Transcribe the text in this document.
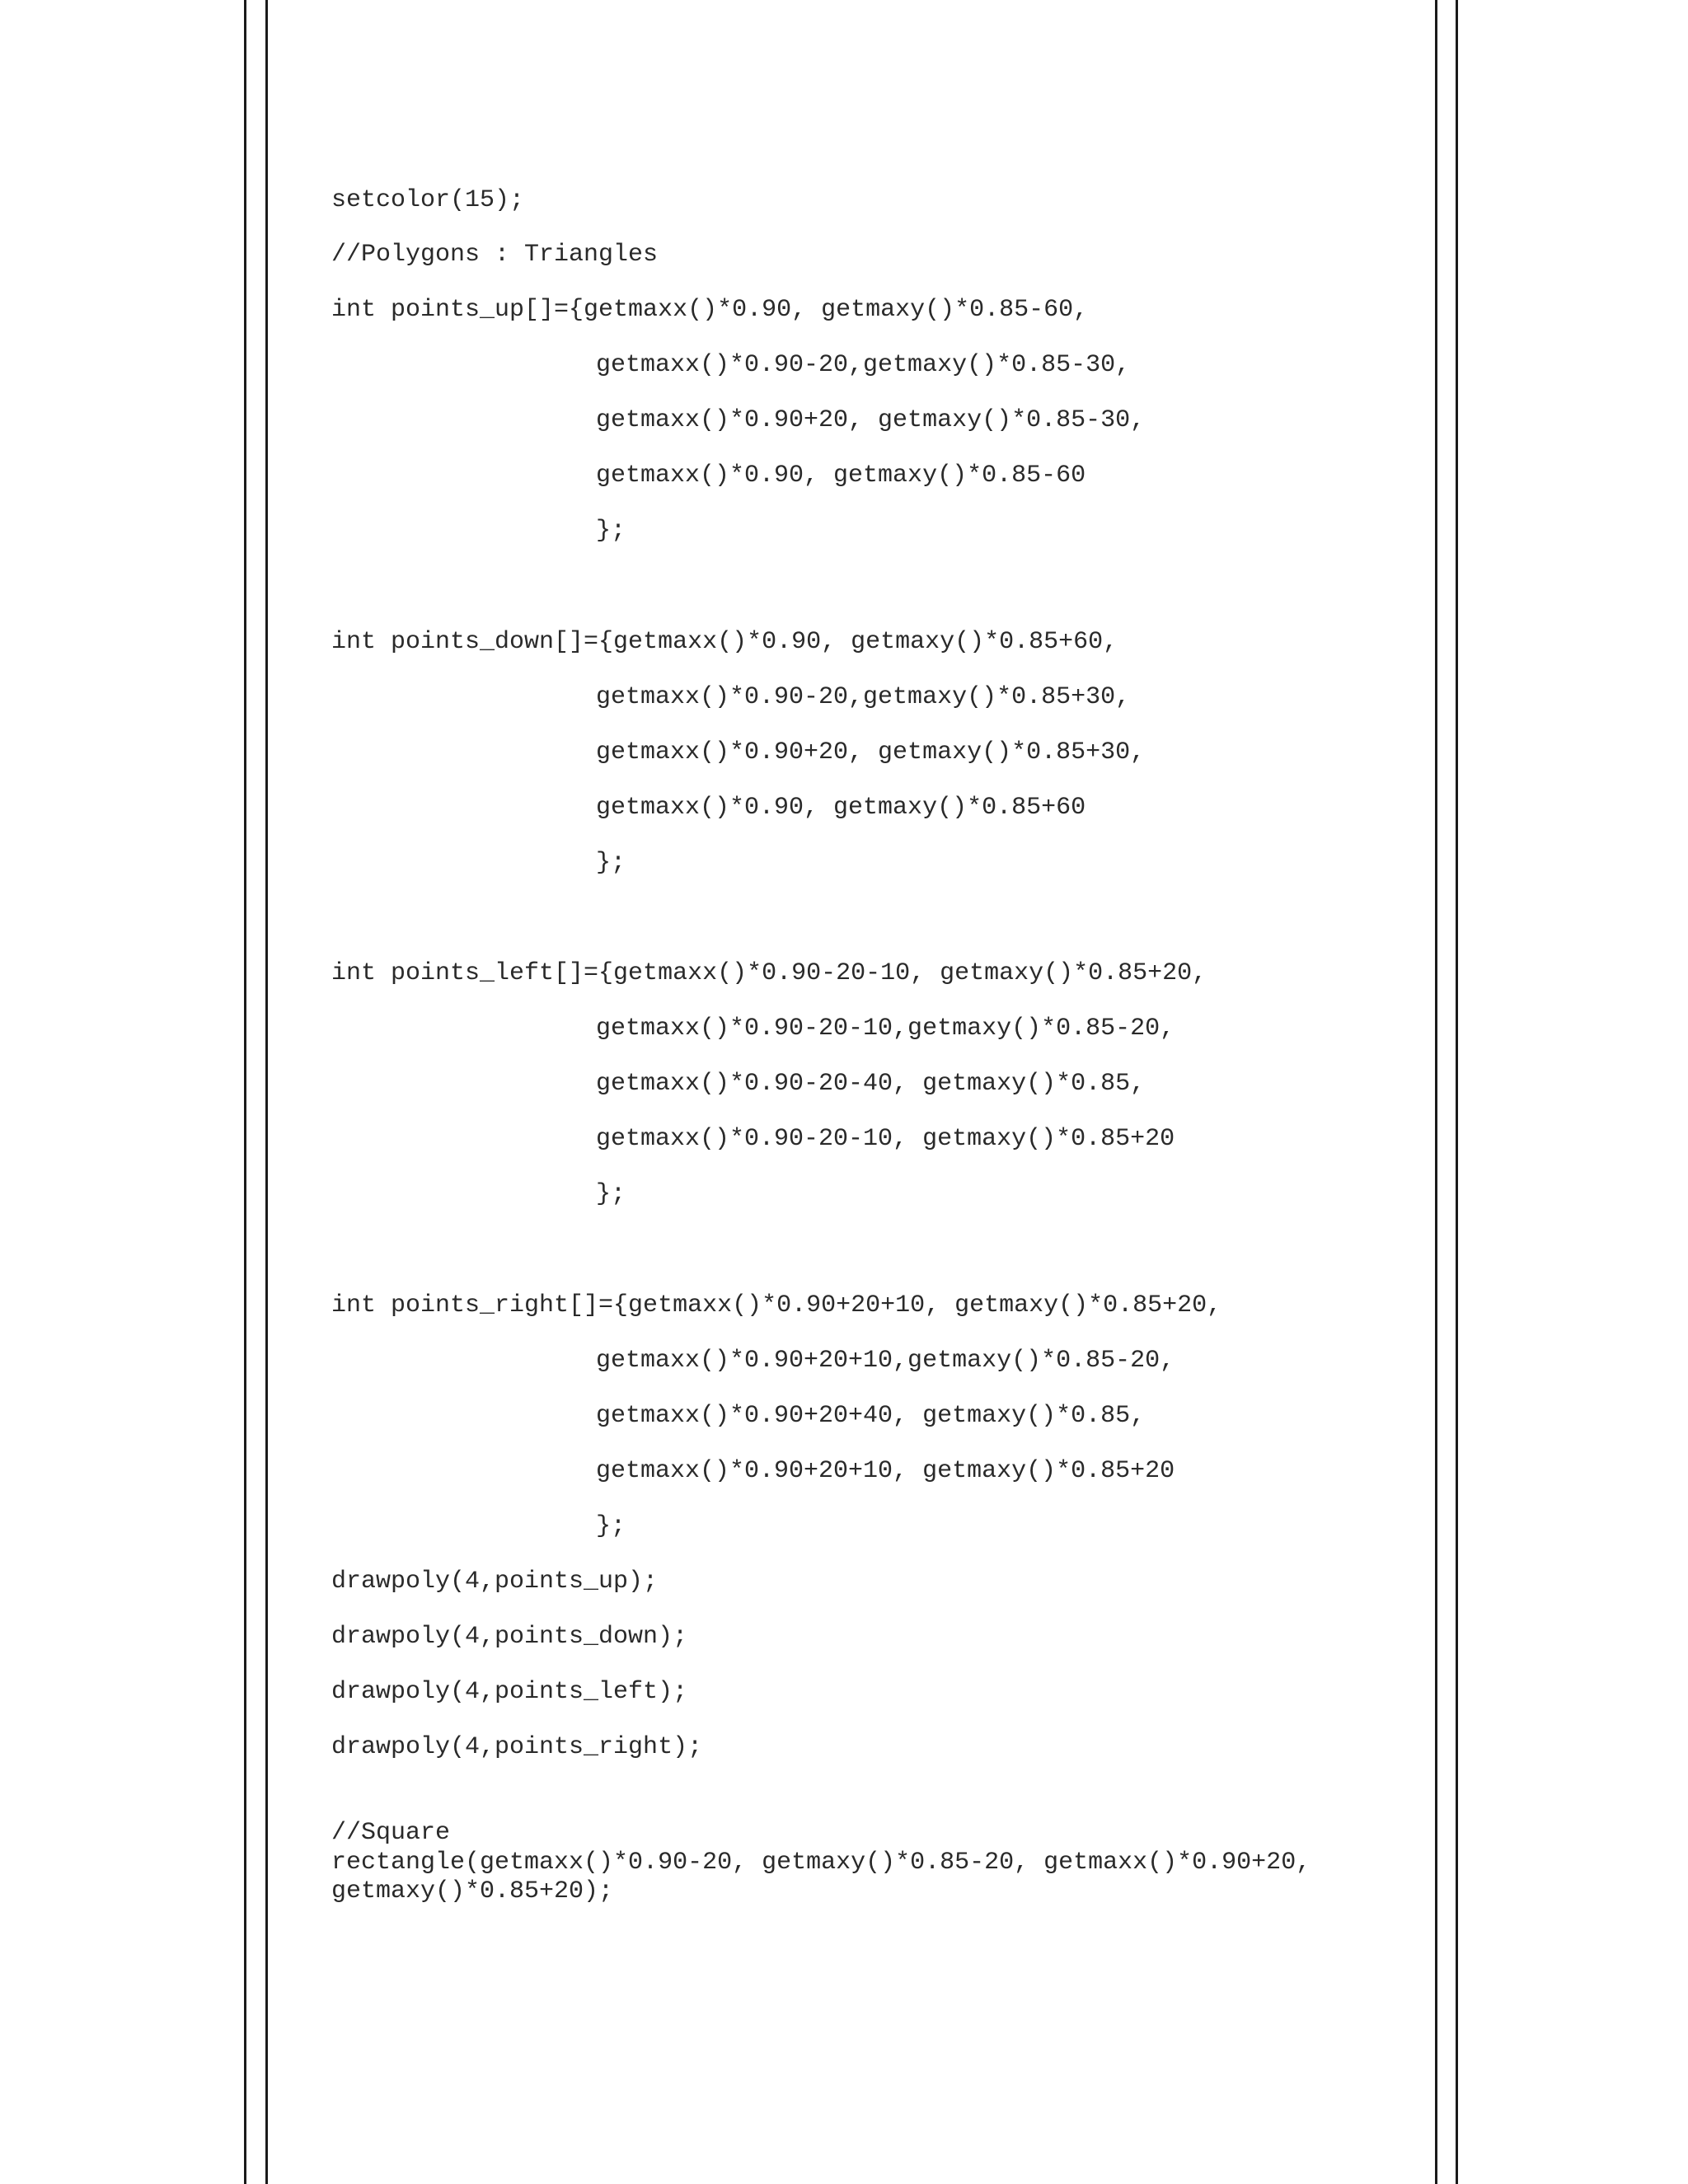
setcolor(15);
//Polygons : Triangles
int points_up[]={getmaxx()*0.90, getmaxy()*0.85-60,
getmaxx()*0.90-20,getmaxy()*0.85-30,
getmaxx()*0.90+20, getmaxy()*0.85-30,
getmaxx()*0.90, getmaxy()*0.85-60
};
int points_down[]={getmaxx()*0.90, getmaxy()*0.85+60,
getmaxx()*0.90-20,getmaxy()*0.85+30,
getmaxx()*0.90+20, getmaxy()*0.85+30,
getmaxx()*0.90, getmaxy()*0.85+60
};
int points_left[]={getmaxx()*0.90-20-10, getmaxy()*0.85+20,
getmaxx()*0.90-20-10,getmaxy()*0.85-20,
getmaxx()*0.90-20-40, getmaxy()*0.85,
getmaxx()*0.90-20-10, getmaxy()*0.85+20
};
int points_right[]={getmaxx()*0.90+20+10, getmaxy()*0.85+20,
getmaxx()*0.90+20+10,getmaxy()*0.85-20,
getmaxx()*0.90+20+40, getmaxy()*0.85,
getmaxx()*0.90+20+10, getmaxy()*0.85+20
};
drawpoly(4,points_up);
drawpoly(4,points_down);
drawpoly(4,points_left);
drawpoly(4,points_right);
//Square
rectangle(getmaxx()*0.90-20, getmaxy()*0.85-20, getmaxx()*0.90+20,
getmaxy()*0.85+20);
